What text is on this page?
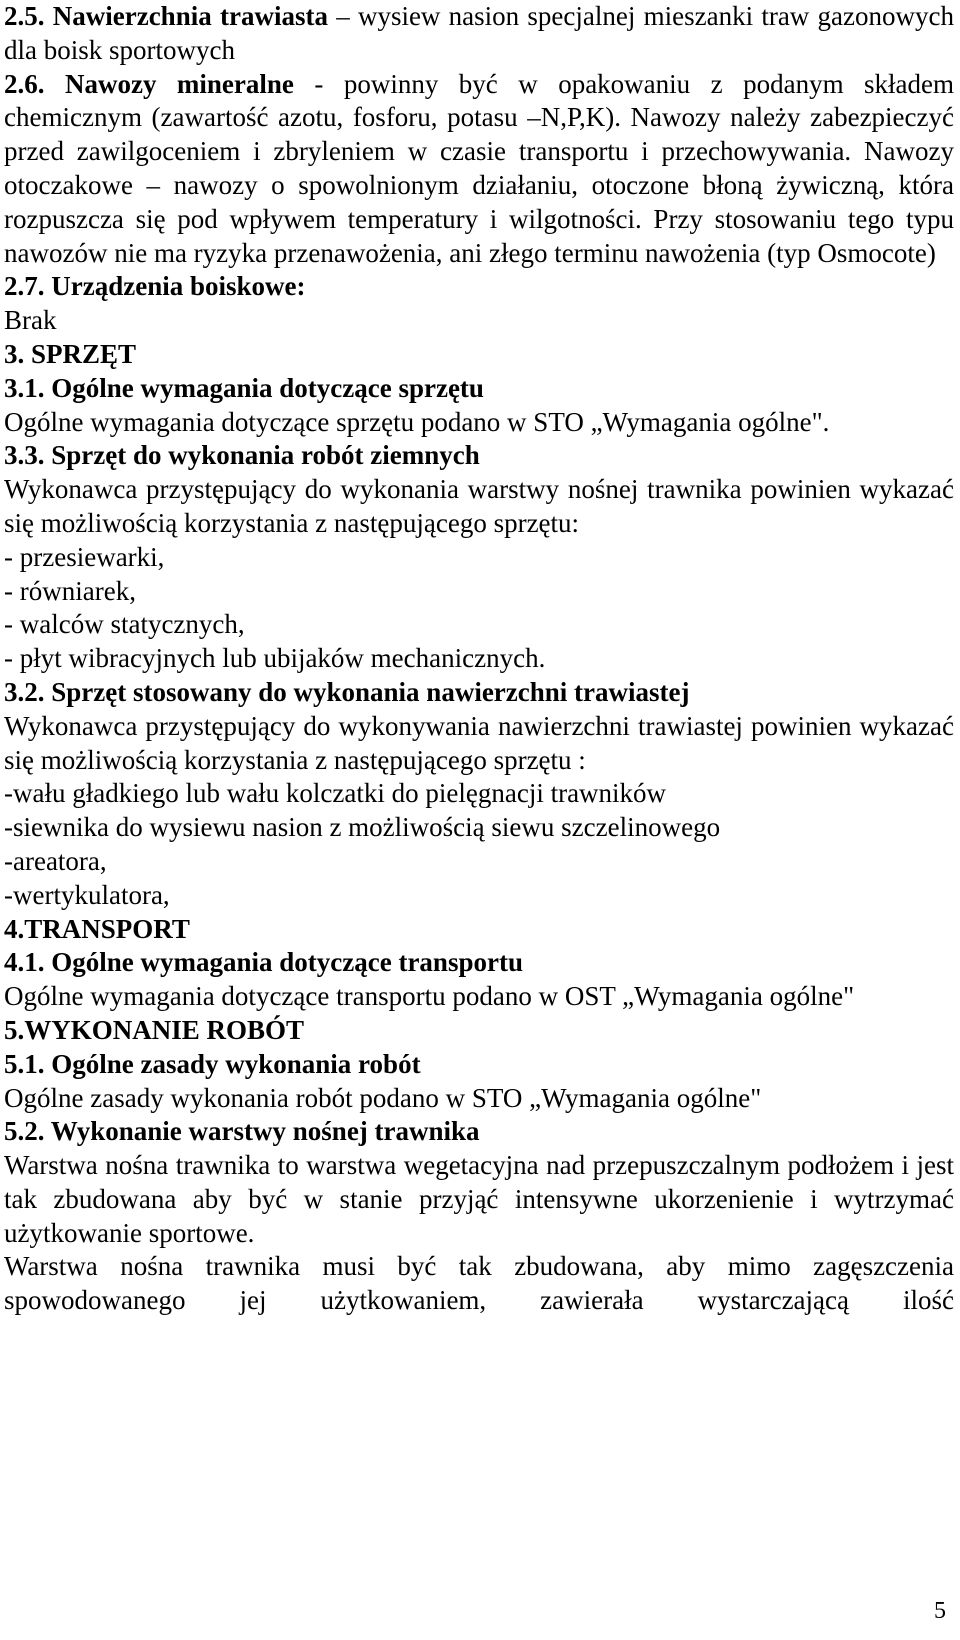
2.5. Nawierzchnia trawiasta – wysiew nasion specjalnej mieszanki traw gazonowych dla boisk sportowych

2.6. Nawozy mineralne - powinny być w opakowaniu z podanym składem chemicznym (zawartość azotu, fosforu, potasu –N,P,K). Nawozy należy zabezpieczyć przed zawilgoceniem i zbryleniem w czasie transportu i przechowywania. Nawozy otoczakowe – nawozy o spowolnionym działaniu, otoczone błoną żywiczną, która rozpuszcza się pod wpływem temperatury i wilgotności. Przy stosowaniu tego typu nawozów nie ma ryzyka przenawożenia, ani złego terminu nawożenia (typ Osmocote)

2.7. Urządzenia boiskowe:

Brak

3. SPRZĘT

3.1. Ogólne wymagania dotyczące sprzętu

Ogólne wymagania dotyczące sprzętu podano w STO „Wymagania ogólne".

3.3. Sprzęt do wykonania robót ziemnych

Wykonawca przystępujący do wykonania warstwy nośnej trawnika powinien wykazać się możliwością korzystania z następującego sprzętu:

- przesiewarki,

- równiarek,

- walców statycznych,

- płyt wibracyjnych lub ubijaków mechanicznych.

3.2. Sprzęt stosowany do wykonania nawierzchni trawiastej

Wykonawca przystępujący do wykonywania nawierzchni trawiastej powinien wykazać się możliwością korzystania z następującego sprzętu :

-wału gładkiego lub wału kolczatki do pielęgnacji trawników

-siewnika do wysiewu nasion z możliwością siewu szczelinowego

-areatora,

-wertykulatora,

4.TRANSPORT

4.1. Ogólne wymagania dotyczące transportu

Ogólne wymagania dotyczące transportu podano w OST „Wymagania ogólne"

5.WYKONANIE ROBÓT

5.1. Ogólne zasady wykonania robót

Ogólne zasady wykonania robót podano w STO „Wymagania ogólne"

5.2. Wykonanie warstwy nośnej trawnika

Warstwa nośna trawnika to warstwa wegetacyjna nad przepuszczalnym podłożem i jest tak zbudowana aby być w stanie przyjąć intensywne ukorzenienie i wytrzymać użytkowanie sportowe.

Warstwa nośna trawnika musi być tak zbudowana, aby mimo zagęszczenia spowodowanego jej użytkowaniem, zawierała wystarczającą ilość

5
